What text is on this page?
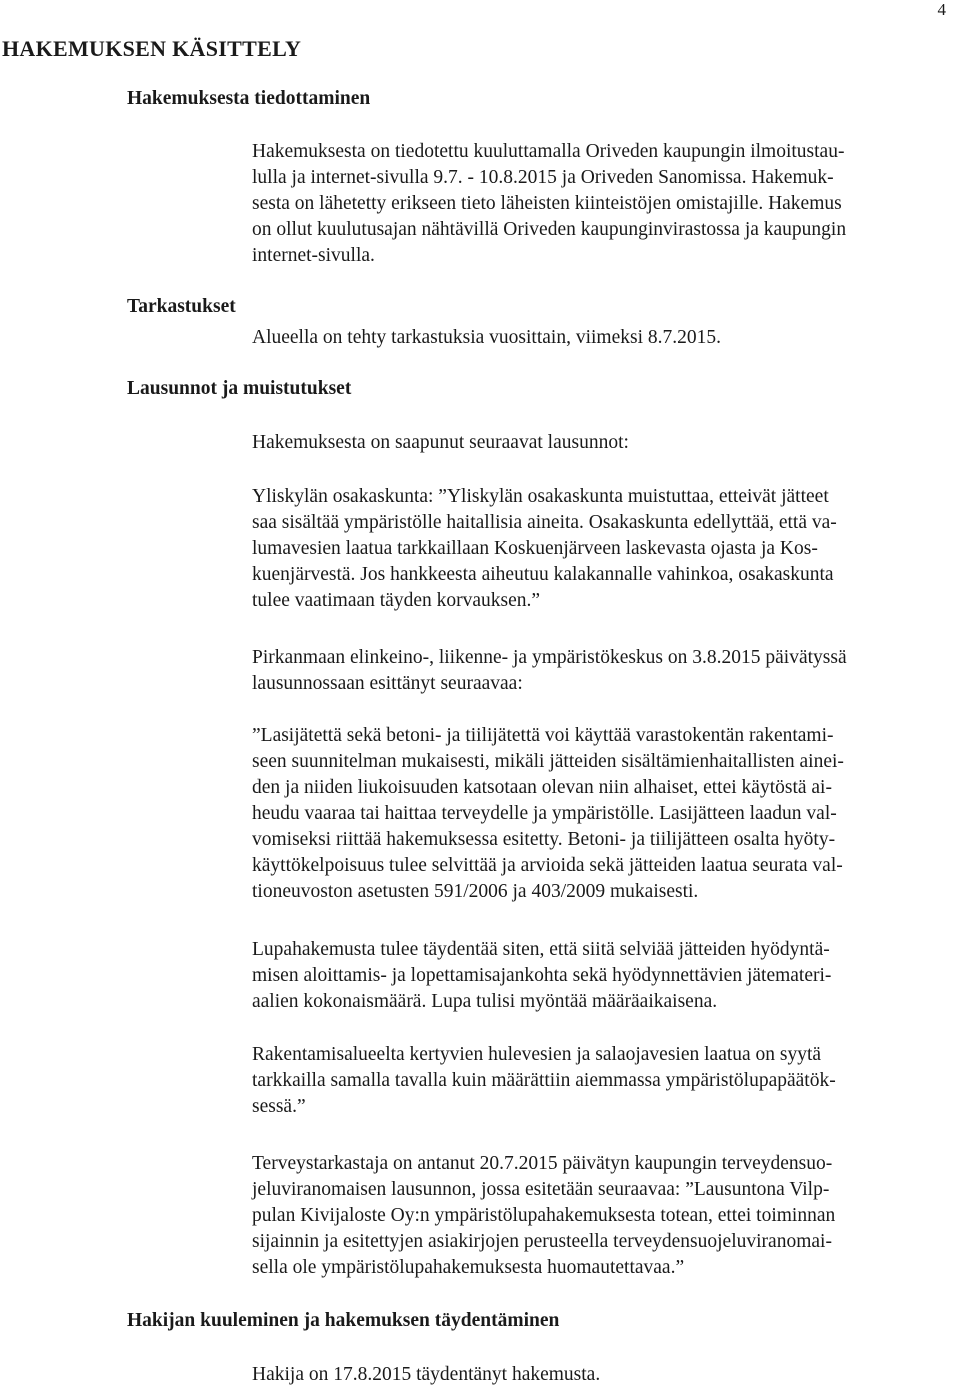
4
HAKEMUKSEN KÄSITTELY
Hakemuksesta tiedottaminen
Hakemuksesta on tiedotettu kuuluttamalla Oriveden kaupungin ilmoitustau-
lulla ja internet-sivulla 9.7. - 10.8.2015 ja Oriveden Sanomissa. Hakemuk-
sesta on lähetetty erikseen tieto läheisten kiinteistöjen omistajille. Hakemus
on ollut kuulutusajan nähtävillä Oriveden kaupunginvirastossa ja kaupungin
internet-sivulla.
Tarkastukset
Alueella on tehty tarkastuksia vuosittain, viimeksi 8.7.2015.
Lausunnot ja muistutukset
Hakemuksesta on saapunut seuraavat lausunnot:
Yliskylän osakaskunta: ”Yliskylän osakaskunta muistuttaa, etteivät jätteet
saa sisältää ympäristölle haitallisia aineita. Osakaskunta edellyttää, että va-
lumavesien laatua tarkkaillaan Koskuenjärveen laskevasta ojasta ja Kos-
kuenjärvestä. Jos hankkeesta aiheutuu kalakannalle vahinkoa, osakaskunta
tulee vaatimaan täyden korvauksen.”
Pirkanmaan elinkeino-, liikenne- ja ympäristökeskus on 3.8.2015 päivätyssä
lausunnossaan esittänyt seuraavaa:
”Lasijätettä sekä betoni- ja tiilijätettä voi käyttää varastokentän rakentami-
seen suunnitelman mukaisesti, mikäli jätteiden sisältämienhaitallisten ainei-
den ja niiden liukoisuuden katsotaan olevan niin alhaiset, ettei käytöstä ai-
heudu vaaraa tai haittaa terveydelle ja ympäristölle. Lasijätteen laadun val-
vomiseksi riittää hakemuksessa esitetty. Betoni- ja tiilijätteen osalta hyöty-
käyttökelpoisuus tulee selvittää ja arvioida sekä jätteiden laatua seurata val-
tioneuvoston asetusten 591/2006 ja 403/2009 mukaisesti.
Lupahakemusta tulee täydentää siten, että siitä selviää jätteiden hyödyntä-
misen aloittamis- ja lopettamisajankohta sekä hyödynnettävien jätemateri-
aalien kokonaismäärä. Lupa tulisi myöntää määräaikaisena.
Rakentamisalueelta kertyvien hulevesien ja salaojavesien laatua on syytä
tarkkailla samalla tavalla kuin määrättiin aiemmassa ympäristölupapäätök-
sessä.”
Terveystarkastaja on antanut 20.7.2015 päivätyn kaupungin terveydensuo-
jeluviranomaisen lausunnon, jossa esitetään seuraavaa: ”Lausuntona Vilp-
pulan Kivijaloste Oy:n ympäristölupahakemuksesta totean, ettei toiminnan
sijainnin ja esitettyjen asiakirjojen perusteella terveydensuojeluviranomai-
sella ole ympäristölupahakemuksesta huomautettavaa.”
Hakijan kuuleminen ja hakemuksen täydentäminen
Hakija on 17.8.2015 täydentänyt hakemusta.
